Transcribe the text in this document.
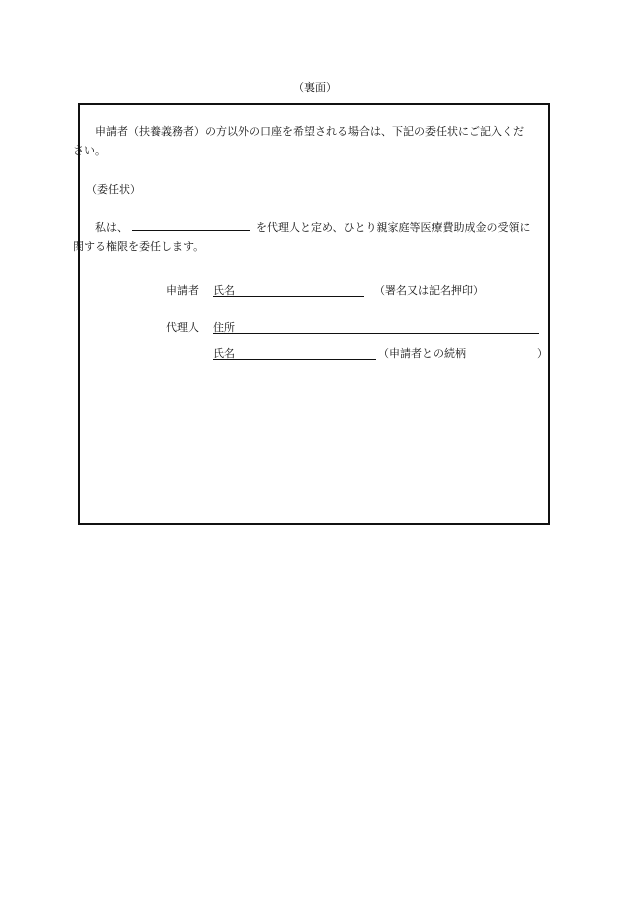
（裏面）

申請者（扶養義務者）の方以外の口座を希望される場合は、下記の委任状にご記入くだ
さい。

（委任状）

私は、	を代理人と定め、ひとり親家庭等医療費助成金の受領に
関する権限を委任します。

申請者 氏名	（署名又は記名押印）
代理人 住所
氏名	（申請者との続柄	）
